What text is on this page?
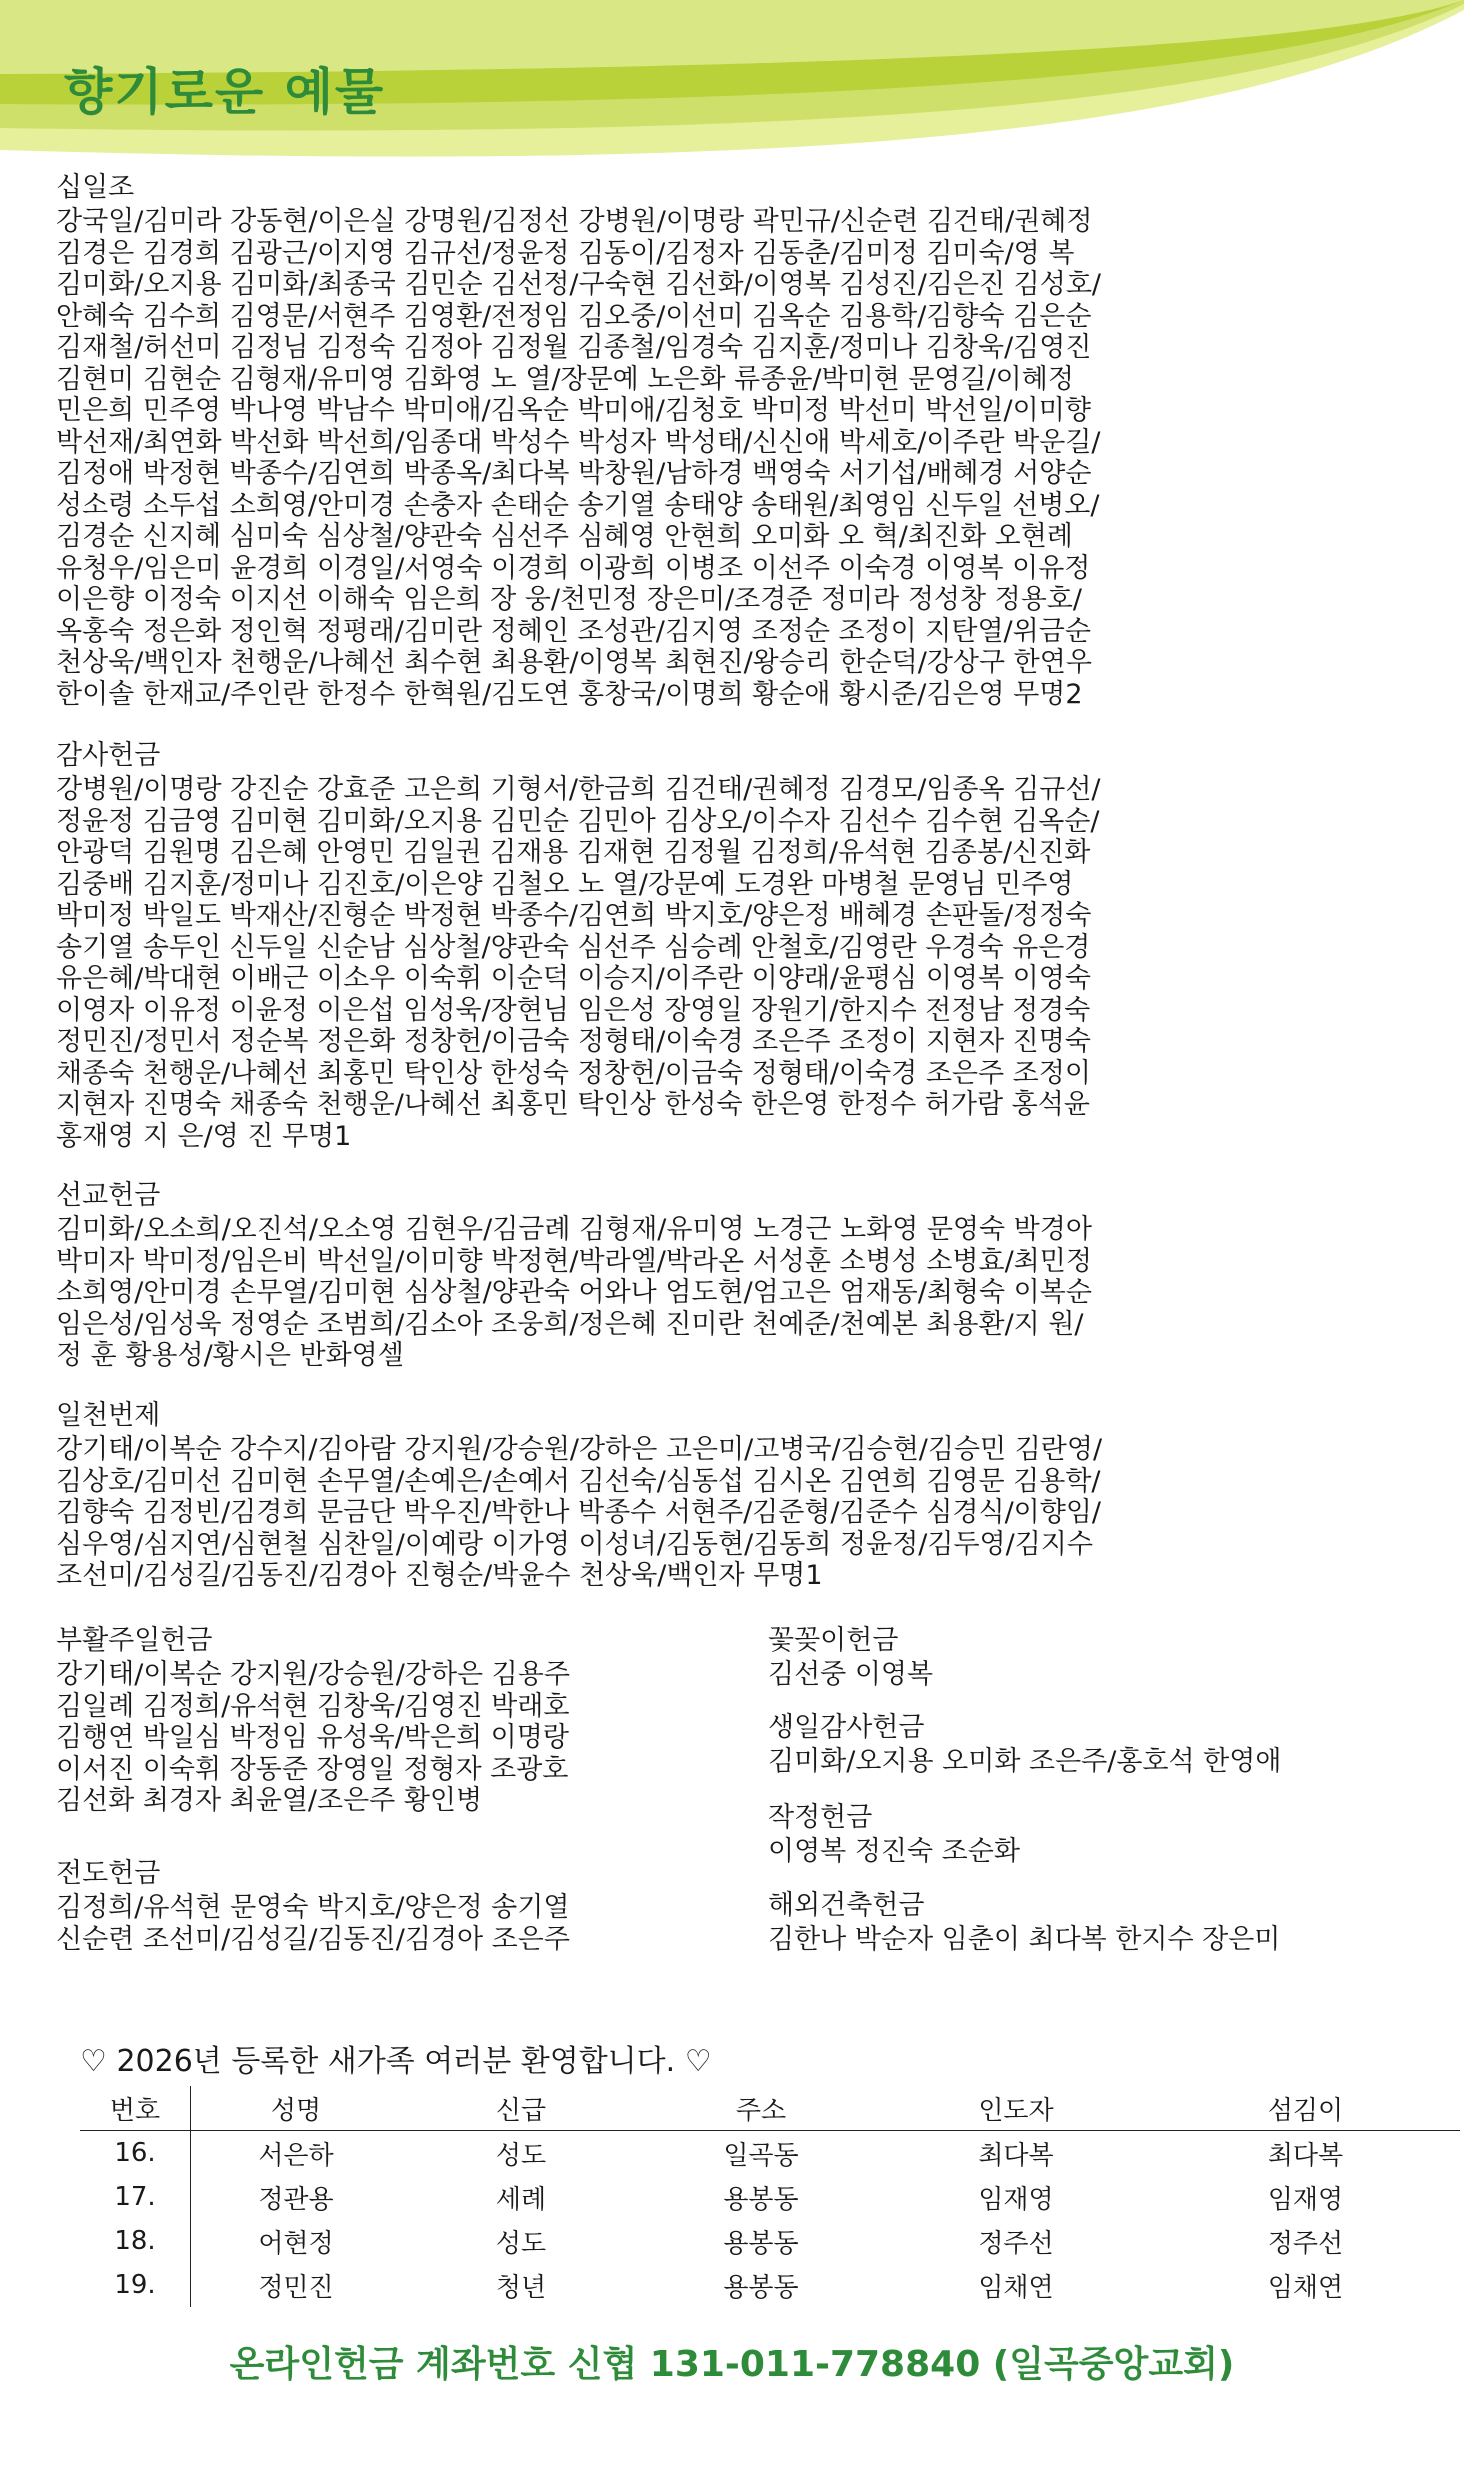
향기로운 예물

십일조

강국일/김미라 강동현/이은실 강명원/김정선 강병원/이명랑 곽민규/신순련 김건태/권혜정
김경은 김경희 김광근/이지영 김규선/정윤정 김동이/김정자 김동춘/김미정 김미숙/영 복
김미화/오지용 김미화/최종국 김민순 김선정/구숙현 김선화/이영복 김성진/김은진 김성호/
안혜숙 김수희 김영문/서현주 김영환/전정임 김오중/이선미 김옥순 김용학/김향숙 김은순
김재철/허선미 김정님 김정숙 김정아 김정월 김종철/임경숙 김지훈/정미나 김창욱/김영진
김현미 김현순 김형재/유미영 김화영 노 열/장문예 노은화 류종윤/박미현 문영길/이혜정
민은희 민주영 박나영 박남수 박미애/김옥순 박미애/김청호 박미정 박선미 박선일/이미향
박선재/최연화 박선화 박선희/임종대 박성수 박성자 박성태/신신애 박세호/이주란 박운길/
김정애 박정현 박종수/김연희 박종옥/최다복 박창원/남하경 백영숙 서기섭/배혜경 서양순
성소령 소두섭 소희영/안미경 손충자 손태순 송기열 송태양 송태원/최영임 신두일 선병오/
김경순 신지혜 심미숙 심상철/양관숙 심선주 심혜영 안현희 오미화 오 혁/최진화 오현례
유청우/임은미 윤경희 이경일/서영숙 이경희 이광희 이병조 이선주 이숙경 이영복 이유정
이은향 이정숙 이지선 이해숙 임은희 장 웅/천민정 장은미/조경준 정미라 정성창 정용호/
옥홍숙 정은화 정인혁 정평래/김미란 정혜인 조성관/김지영 조정순 조정이 지탄열/위금순
천상욱/백인자 천행운/나혜선 최수현 최용환/이영복 최현진/왕승리 한순덕/강상구 한연우
한이솔 한재교/주인란 한정수 한혁원/김도연 홍창국/이명희 황순애 황시준/김은영 무명2

감사헌금

강병원/이명랑 강진순 강효준 고은희 기형서/한금희 김건태/권혜정 김경모/임종옥 김규선/
정윤정 김금영 김미현 김미화/오지용 김민순 김민아 김상오/이수자 김선수 김수현 김옥순/
안광덕 김원명 김은혜 안영민 김일권 김재용 김재현 김정월 김정희/유석현 김종봉/신진화
김중배 김지훈/정미나 김진호/이은양 김철오 노 열/강문예 도경완 마병철 문영님 민주영
박미정 박일도 박재산/진형순 박정현 박종수/김연희 박지호/양은정 배혜경 손판돌/정정숙
송기열 송두인 신두일 신순남 심상철/양관숙 심선주 심승례 안철호/김영란 우경숙 유은경
유은혜/박대현 이배근 이소우 이숙휘 이순덕 이승지/이주란 이양래/윤평심 이영복 이영숙
이영자 이유정 이윤정 이은섭 임성욱/장현님 임은성 장영일 장원기/한지수 전정남 정경숙
정민진/정민서 정순복 정은화 정창헌/이금숙 정형태/이숙경 조은주 조정이 지현자 진명숙
채종숙 천행운/나혜선 최홍민 탁인상 한성숙 정창헌/이금숙 정형태/이숙경 조은주 조정이
지현자 진명숙 채종숙 천행운/나혜선 최홍민 탁인상 한성숙 한은영 한정수 허가람 홍석윤
홍재영 지 은/영 진 무명1

선교헌금

김미화/오소희/오진석/오소영 김현우/김금례 김형재/유미영 노경근 노화영 문영숙 박경아
박미자 박미정/임은비 박선일/이미향 박정현/박라엘/박라온 서성훈 소병성 소병효/최민정
소희영/안미경 손무열/김미현 심상철/양관숙 어와나 엄도현/엄고은 엄재동/최형숙 이복순
임은성/임성욱 정영순 조범희/김소아 조웅희/정은혜 진미란 천예준/천예본 최용환/지 원/
정 훈 황용성/황시은 반화영셀

일천번제

강기태/이복순 강수지/김아람 강지원/강승원/강하은 고은미/고병국/김승현/김승민 김란영/
김상호/김미선 김미현 손무열/손예은/손예서 김선숙/심동섭 김시온 김연희 김영문 김용학/
김향숙 김정빈/김경희 문금단 박우진/박한나 박종수 서현주/김준형/김준수 심경식/이향임/
심우영/심지연/심현철 심찬일/이예랑 이가영 이성녀/김동현/김동희 정윤정/김두영/김지수
조선미/김성길/김동진/김경아 진형순/박윤수 천상욱/백인자 무명1

부활주일헌금

강기태/이복순 강지원/강승원/강하은 김용주
김일례 김정희/유석현 김창욱/김영진 박래호
김행연 박일심 박정임 유성욱/박은희 이명랑
이서진 이숙휘 장동준 장영일 정형자 조광호
김선화 최경자 최윤열/조은주 황인병

전도헌금

김정희/유석현 문영숙 박지호/양은정 송기열
신순련 조선미/김성길/김동진/김경아 조은주

꽃꽂이헌금

김선중 이영복

생일감사헌금

김미화/오지용 오미화 조은주/홍호석 한영애

작정헌금

이영복 정진숙 조순화

해외건축헌금

김한나 박순자 임춘이 최다복 한지수 장은미

♡ 2026년 등록한 새가족 여러분 환영합니다. ♡

번호	성명	신급	주소	인도자	섬김이
16.	서은하	성도	일곡동	최다복	최다복
17.	정관용	세례	용봉동	임재영	임재영
18.	어현정	성도	용봉동	정주선	정주선
19.	정민진	청년	용봉동	임채연	임채연

온라인헌금 계좌번호 신협 131-011-778840 (일곡중앙교회)
